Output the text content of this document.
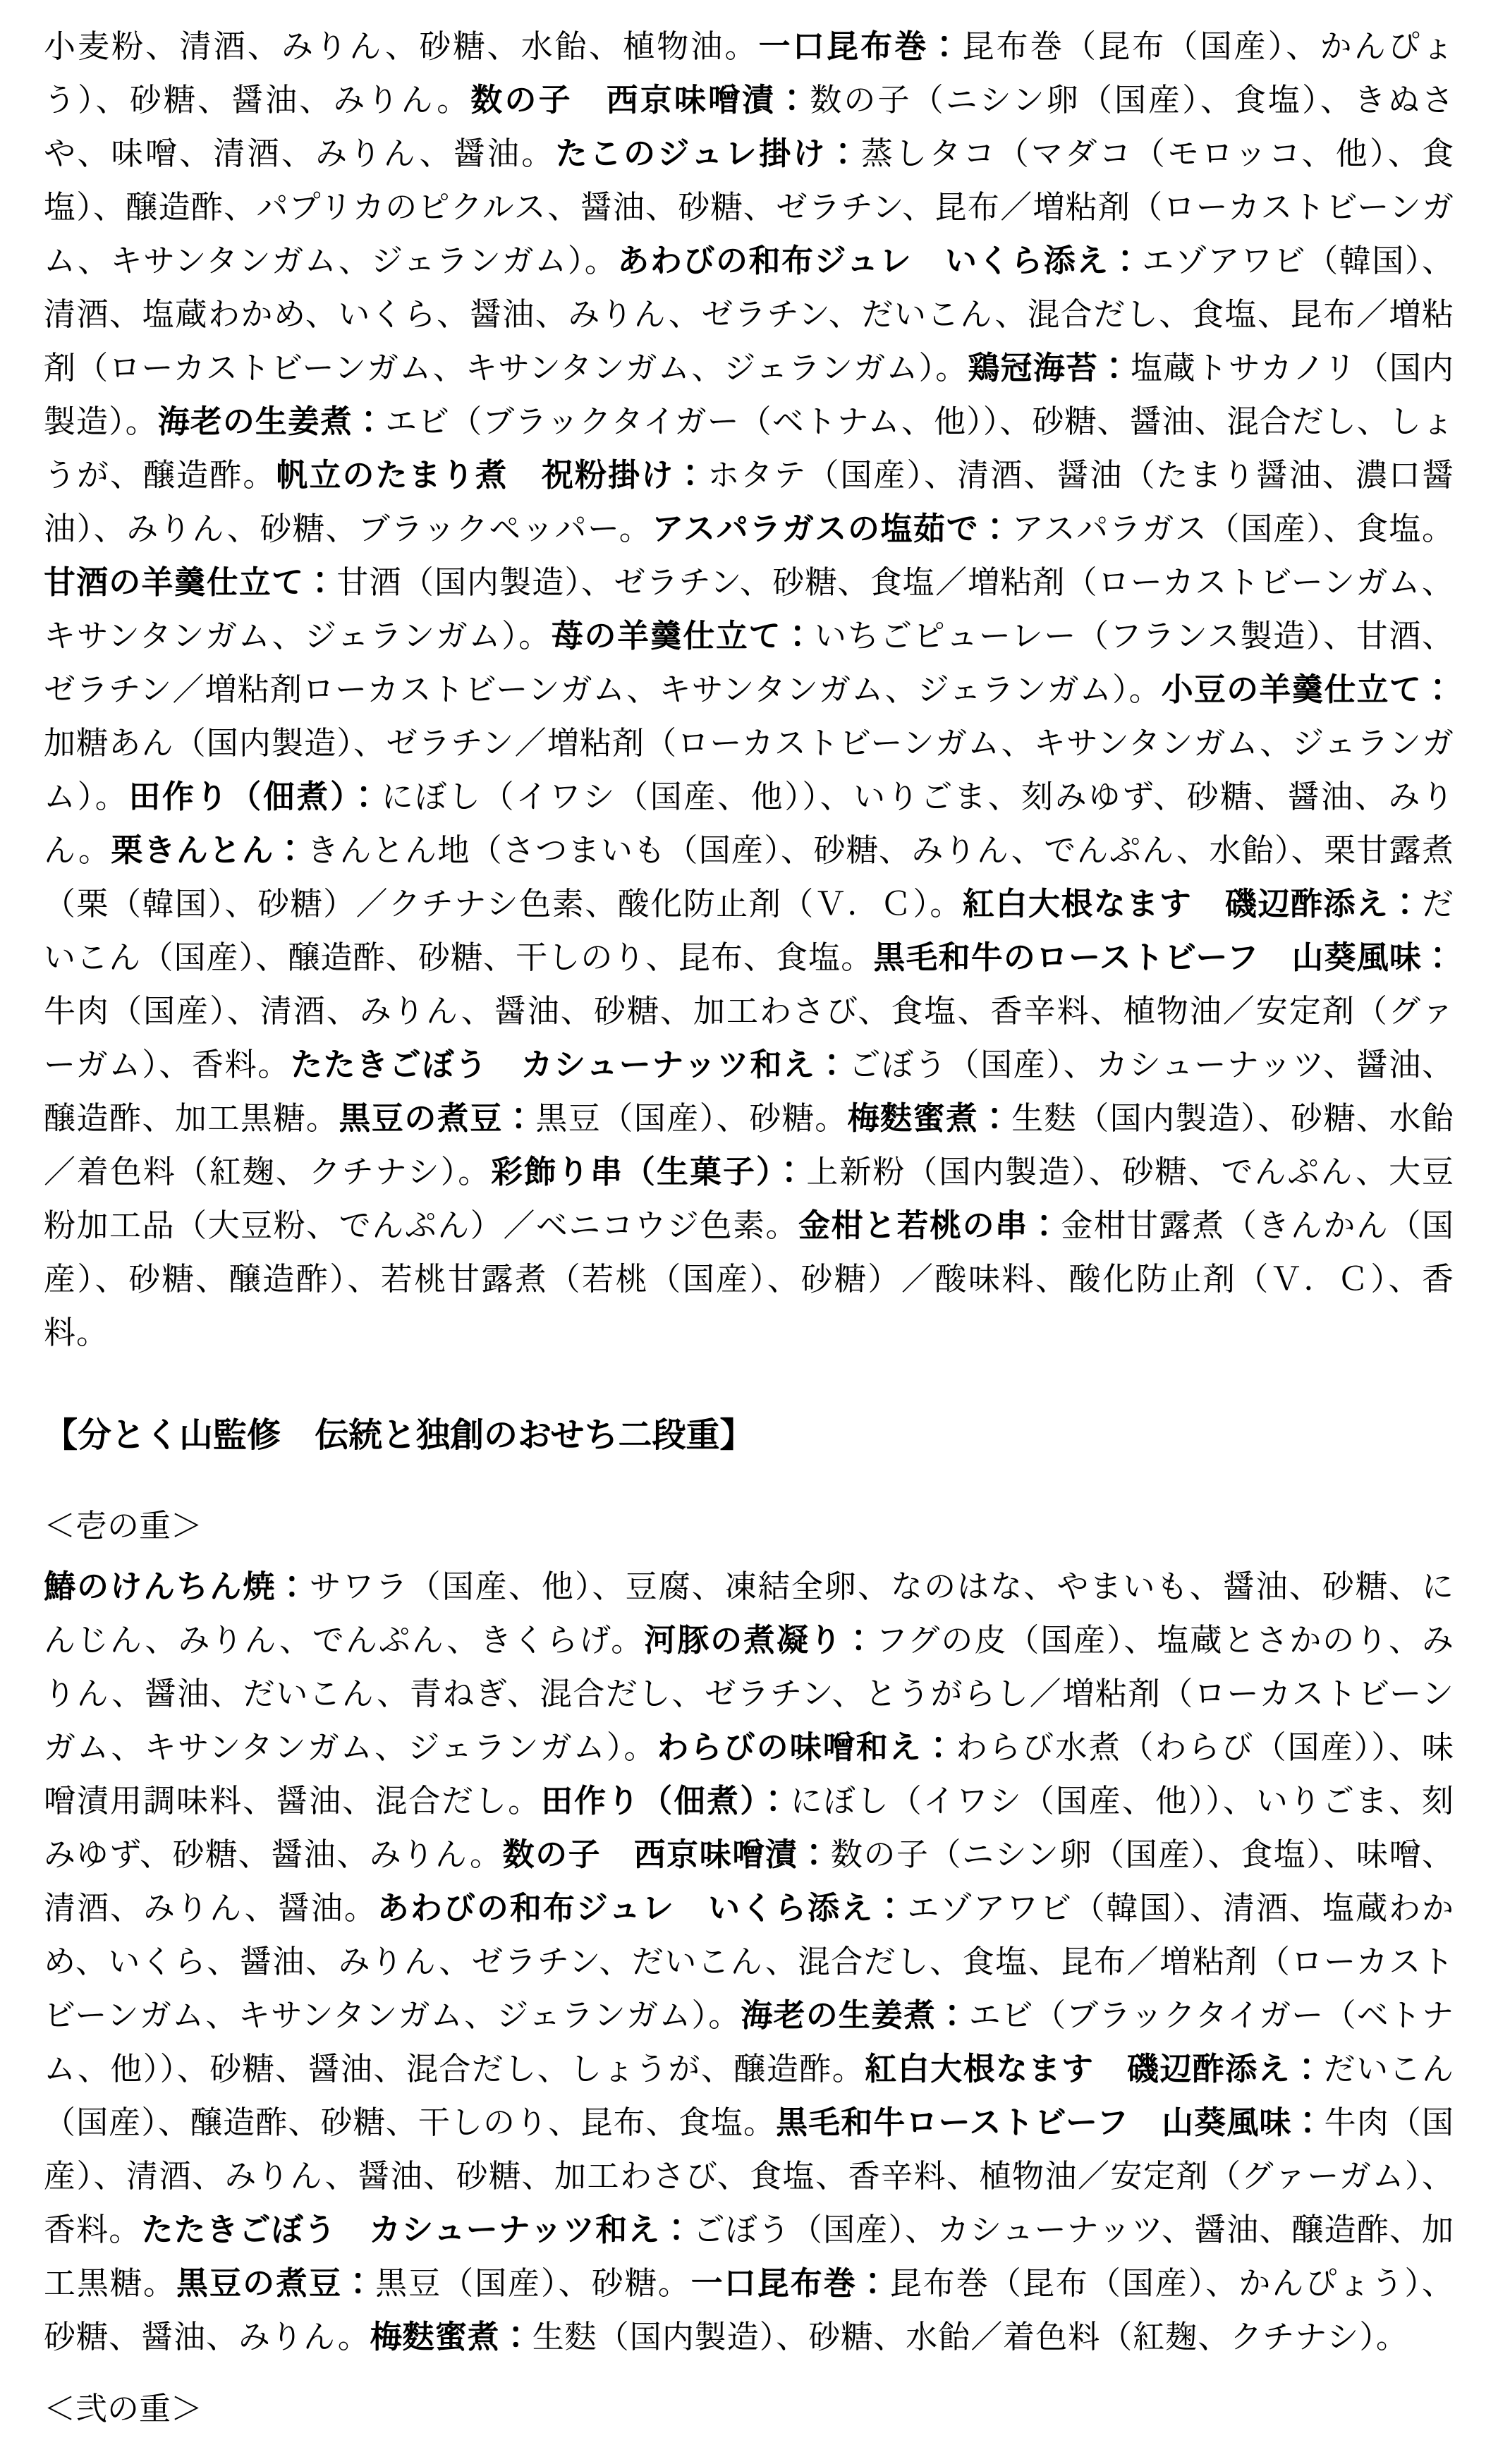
小麦粉、清酒、みりん、砂糖、水飴、植物油。一口昆布巻：昆布巻（昆布（国産）、かんぴょう）、砂糖、醤油、みりん。数の子　西京味噌漬：数の子（ニシン卵（国産）、食塩）、きぬさや、味噌、清酒、みりん、醤油。たこのジュレ掛け：蒸しタコ（マダコ（モロッコ、他）、食塩）、醸造酢、パプリカのピクルス、醤油、砂糖、ゼラチン、昆布／増粘剤（ローカストビーンガム、キサンタンガム、ジェランガム）。あわびの和布ジュレ　いくら添え：エゾアワビ（韓国）、清酒、塩蔵わかめ、いくら、醤油、みりん、ゼラチン、だいこん、混合だし、食塩、昆布／増粘剤（ローカストビーンガム、キサンタンガム、ジェランガム）。鶏冠海苔：塩蔵トサカノリ（国内製造）。海老の生姜煮：エビ（ブラックタイガー（ベトナム、他））、砂糖、醤油、混合だし、しょうが、醸造酢。帆立のたまり煮　祝粉掛け：ホタテ（国産）、清酒、醤油（たまり醤油、濃口醤油）、みりん、砂糖、ブラックペッパー。アスパラガスの塩茹で：アスパラガス（国産）、食塩。甘酒の羊羹仕立て：甘酒（国内製造）、ゼラチン、砂糖、食塩／増粘剤（ローカストビーンガム、キサンタンガム、ジェランガム）。苺の羊羹仕立て：いちごピューレー（フランス製造）、甘酒、ゼラチン／増粘剤ローカストビーンガム、キサンタンガム、ジェランガム）。小豆の羊羹仕立て：加糖あん（国内製造）、ゼラチン／増粘剤（ローカストビーンガム、キサンタンガム、ジェランガム）。田作り（佃煮）：にぼし（イワシ（国産、他））、いりごま、刻みゆず、砂糖、醤油、みりん。栗きんとん：きんとん地（さつまいも（国産）、砂糖、みりん、でんぷん、水飴）、栗甘露煮（栗（韓国）、砂糖）／クチナシ色素、酸化防止剤（Ｖ．Ｃ）。紅白大根なます　磯辺酢添え：だいこん（国産）、醸造酢、砂糖、干しのり、昆布、食塩。黒毛和牛のローストビーフ　山葵風味：牛肉（国産）、清酒、みりん、醤油、砂糖、加工わさび、食塩、香辛料、植物油／安定剤（グァーガム）、香料。たたきごぼう　カシューナッツ和え：ごぼう（国産）、カシューナッツ、醤油、醸造酢、加工黒糖。黒豆の煮豆：黒豆（国産）、砂糖。梅麩蜜煮：生麩（国内製造）、砂糖、水飴／着色料（紅麹、クチナシ）。彩飾り串（生菓子）：上新粉（国内製造）、砂糖、でんぷん、大豆粉加工品（大豆粉、でんぷん）／ベニコウジ色素。金柑と若桃の串：金柑甘露煮（きんかん（国産）、砂糖、醸造酢）、若桃甘露煮（若桃（国産）、砂糖）／酸味料、酸化防止剤（Ｖ．Ｃ）、香料。

【分とく山監修　伝統と独創のおせち二段重】

＜壱の重＞

鰆のけんちん焼：サワラ（国産、他）、豆腐、凍結全卵、なのはな、やまいも、醤油、砂糖、にんじん、みりん、でんぷん、きくらげ。河豚の煮凝り：フグの皮（国産）、塩蔵とさかのり、みりん、醤油、だいこん、青ねぎ、混合だし、ゼラチン、とうがらし／増粘剤（ローカストビーンガム、キサンタンガム、ジェランガム）。わらびの味噌和え：わらび水煮（わらび（国産））、味噌漬用調味料、醤油、混合だし。田作り（佃煮）：にぼし（イワシ（国産、他））、いりごま、刻みゆず、砂糖、醤油、みりん。数の子　西京味噌漬：数の子（ニシン卵（国産）、食塩）、味噌、清酒、みりん、醤油。あわびの和布ジュレ　いくら添え：エゾアワビ（韓国）、清酒、塩蔵わかめ、いくら、醤油、みりん、ゼラチン、だいこん、混合だし、食塩、昆布／増粘剤（ローカストビーンガム、キサンタンガム、ジェランガム）。海老の生姜煮：エビ（ブラックタイガー（ベトナム、他））、砂糖、醤油、混合だし、しょうが、醸造酢。紅白大根なます　磯辺酢添え：だいこん（国産）、醸造酢、砂糖、干しのり、昆布、食塩。黒毛和牛ローストビーフ　山葵風味：牛肉（国産）、清酒、みりん、醤油、砂糖、加工わさび、食塩、香辛料、植物油／安定剤（グァーガム）、香料。たたきごぼう　カシューナッツ和え：ごぼう（国産）、カシューナッツ、醤油、醸造酢、加工黒糖。黒豆の煮豆：黒豆（国産）、砂糖。一口昆布巻：昆布巻（昆布（国産）、かんぴょう）、砂糖、醤油、みりん。梅麩蜜煮：生麩（国内製造）、砂糖、水飴／着色料（紅麹、クチナシ）。

＜弐の重＞
